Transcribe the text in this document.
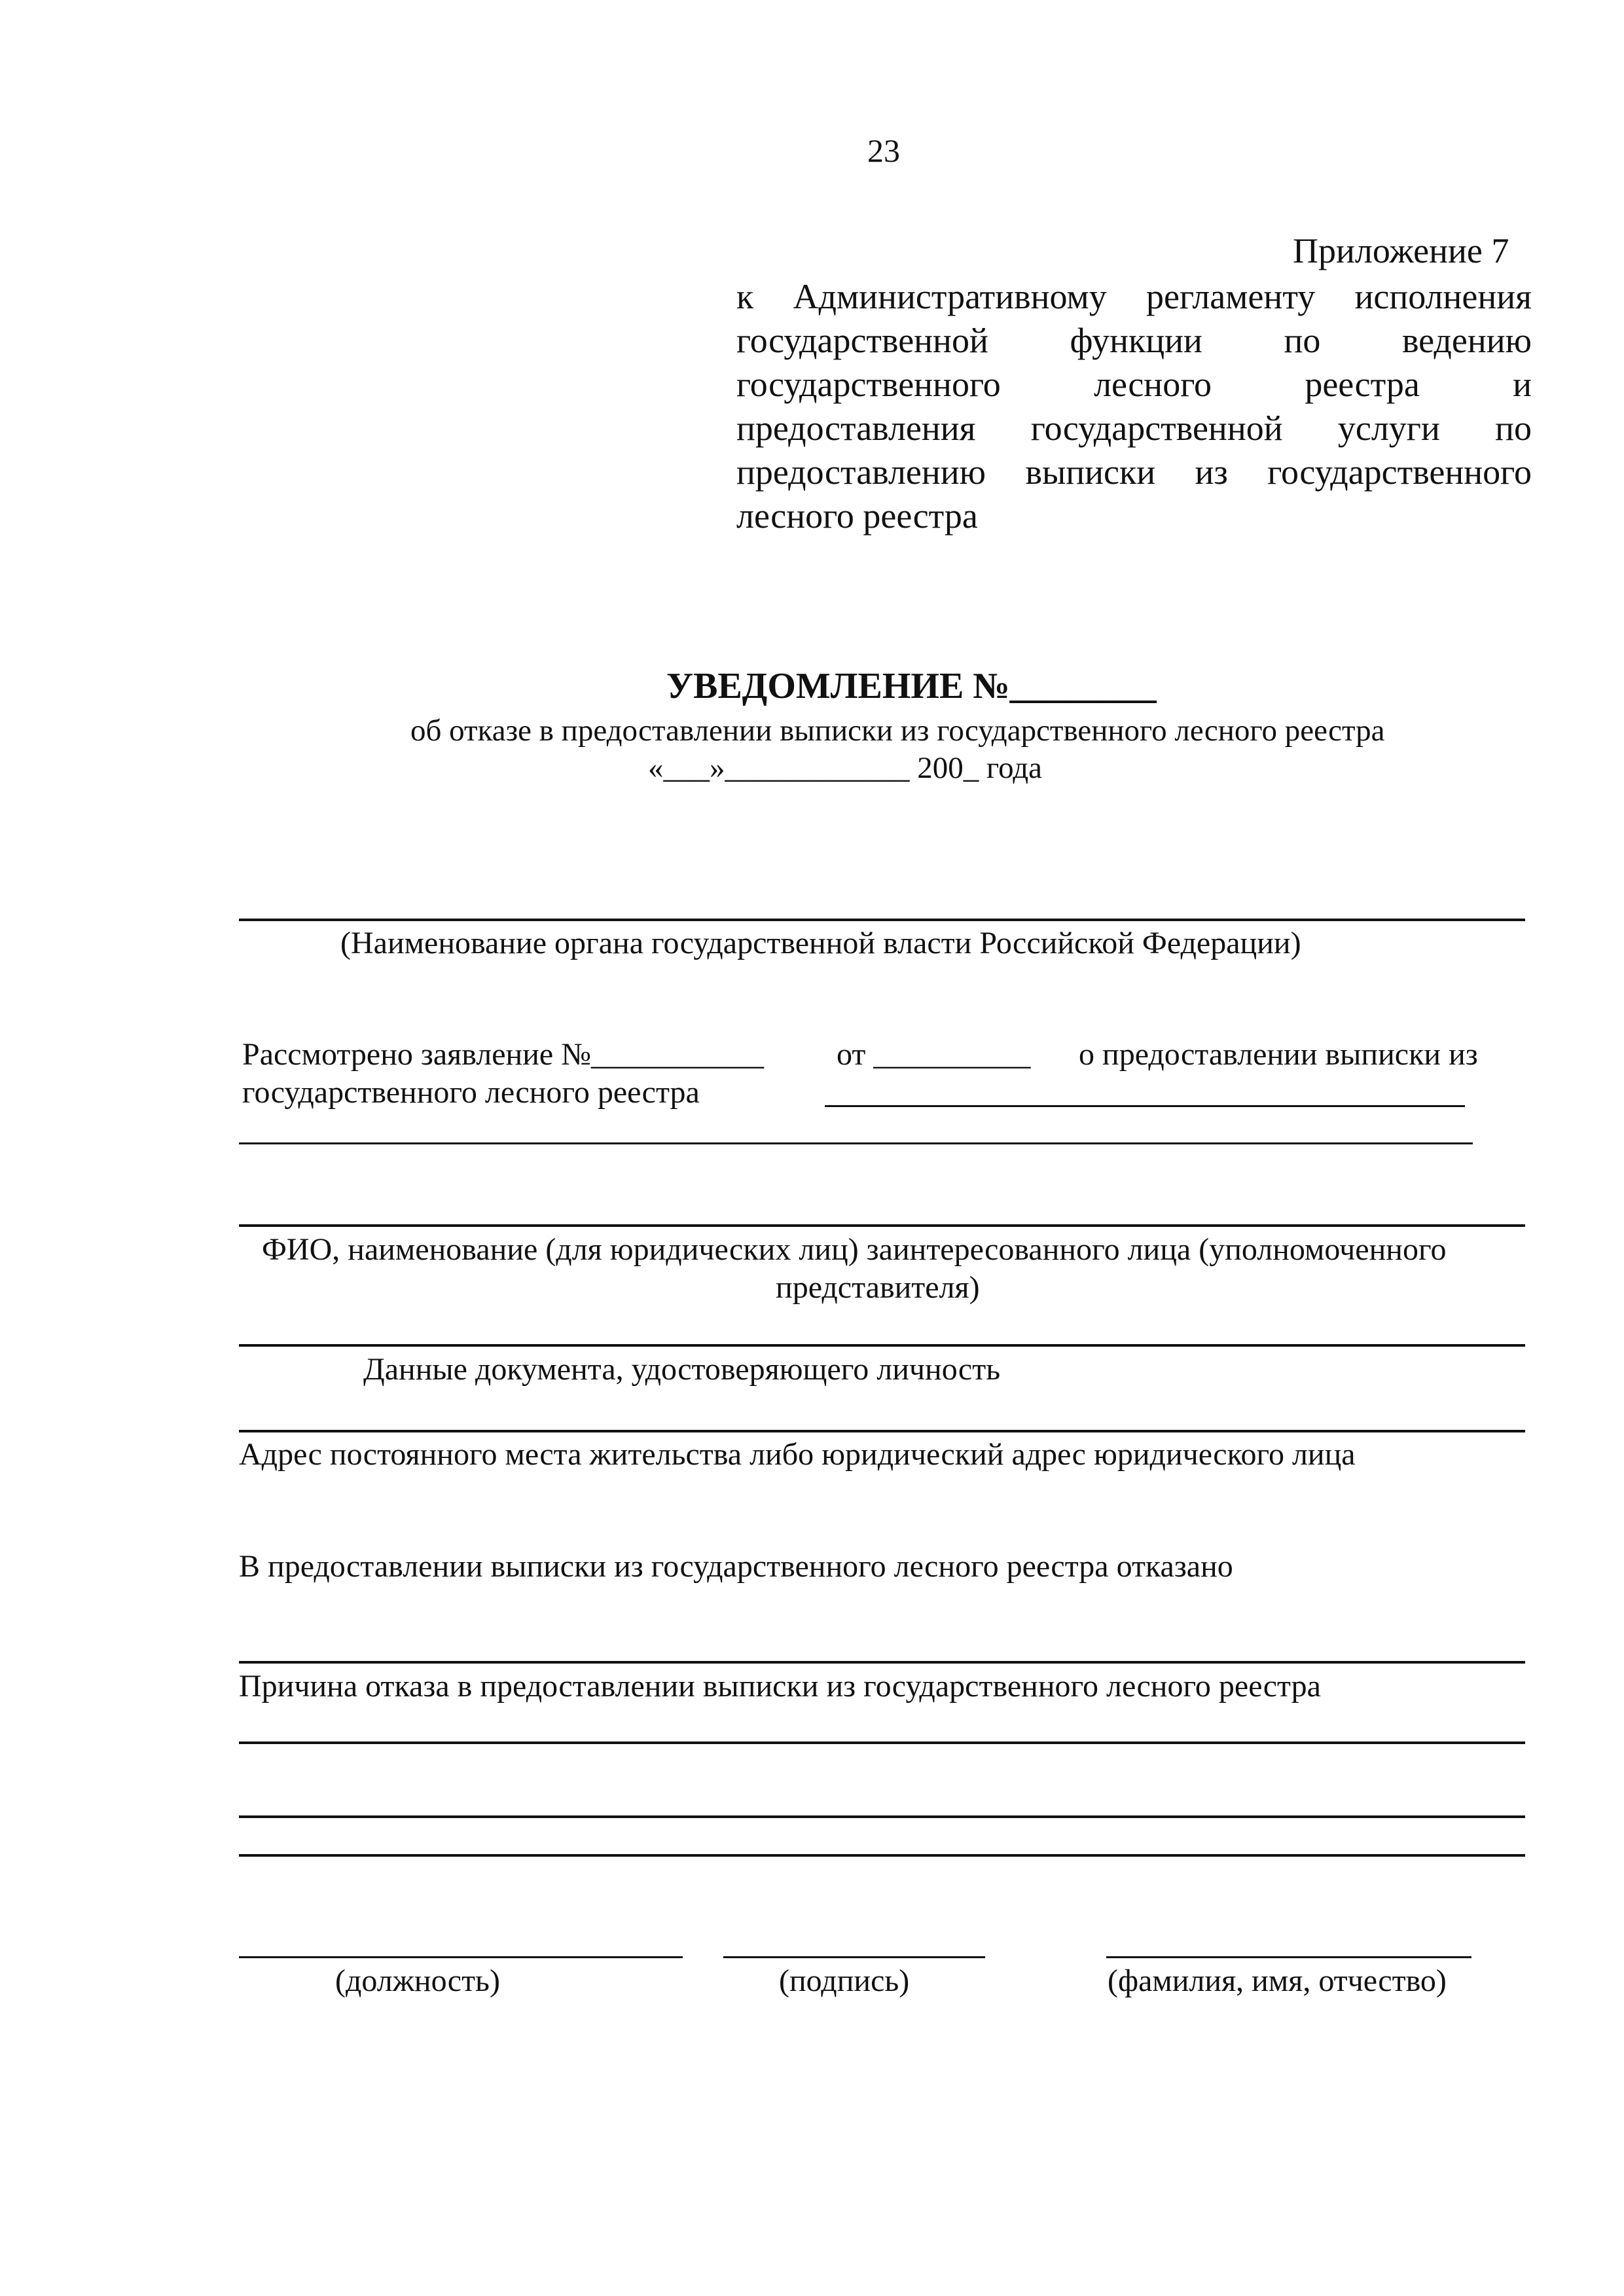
23
Приложение 7
к Административному регламенту исполнения
государственной функции по ведению
государственного лесного реестра и
предоставления государственной услуги по
предоставлению выписки из государственного
лесного реестра
УВЕДОМЛЕНИЕ №________
об отказе в предоставлении выписки из государственного лесного реестра
«___»____________ 200_ года
(Наименование органа государственной власти Российской Федерации)
Рассмотрено заявление №___________ от __________ о предоставлении выписки из
государственного лесного реестра
ФИО, наименование (для юридических лиц) заинтересованного лица (уполномоченного
представителя)
Данные документа, удостоверяющего личность
Адрес постоянного места жительства либо юридический адрес юридического лица
В предоставлении выписки из государственного лесного реестра отказано
Причина отказа в предоставлении выписки из государственного лесного реестра
(должность)	(подпись)	(фамилия, имя, отчество)
